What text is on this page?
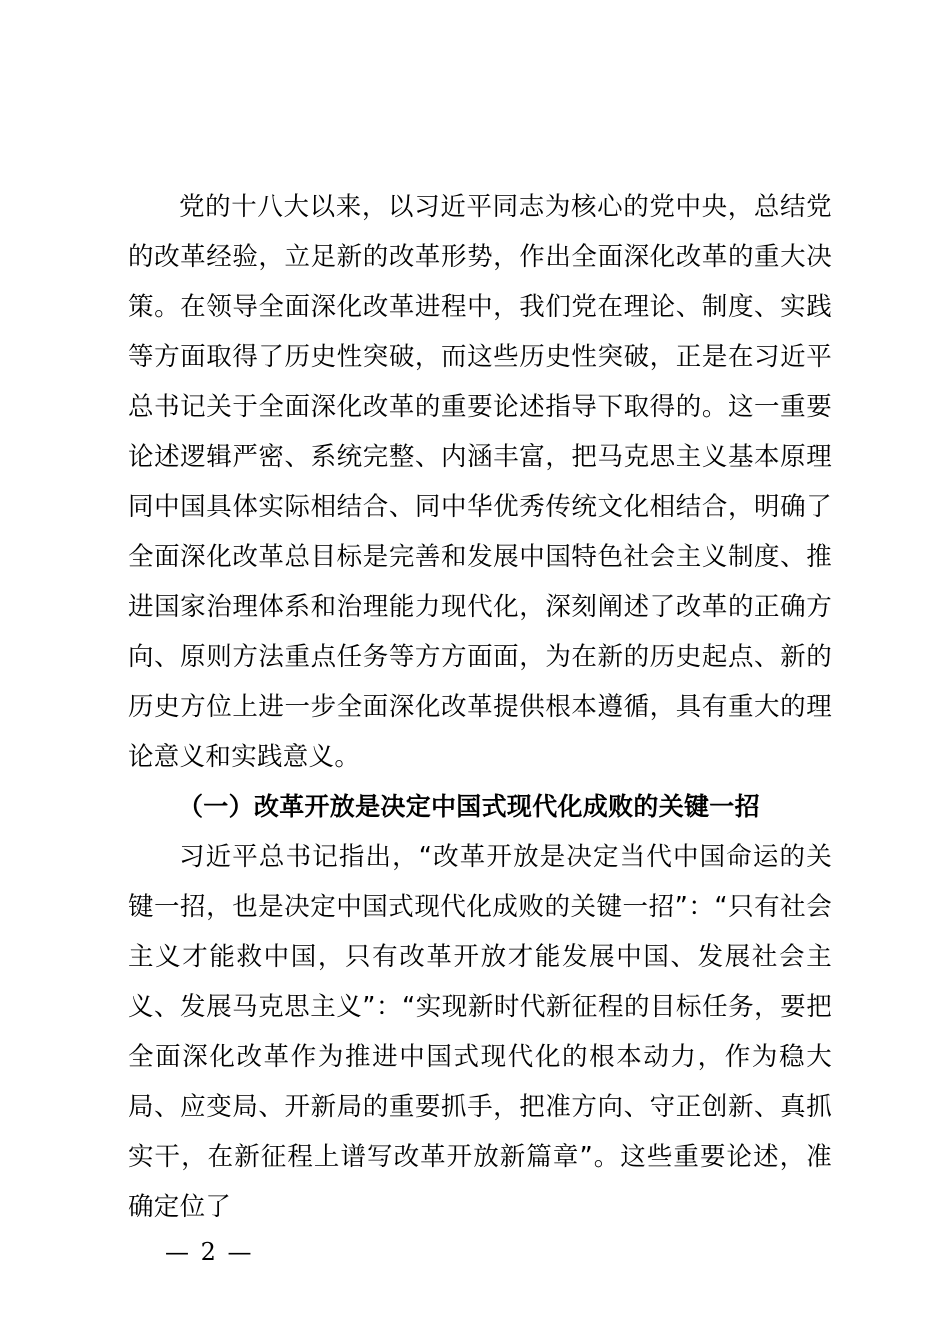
党的十八大以来，以习近平同志为核心的党中央，总结党的改革经验，立足新的改革形势，作出全面深化改革的重大决策。在领导全面深化改革进程中，我们党在理论、制度、实践等方面取得了历史性突破，而这些历史性突破，正是在习近平总书记关于全面深化改革的重要论述指导下取得的。这一重要论述逻辑严密、系统完整、内涵丰富，把马克思主义基本原理同中国具体实际相结合、同中华优秀传统文化相结合，明确了全面深化改革总目标是完善和发展中国特色社会主义制度、推进国家治理体系和治理能力现代化，深刻阐述了改革的正确方向、原则方法重点任务等方方面面，为在新的历史起点、新的历史方位上进一步全面深化改革提供根本遵循，具有重大的理论意义和实践意义。

（一）改革开放是决定中国式现代化成败的关键一招

习近平总书记指出，“改革开放是决定当代中国命运的关键一招，也是决定中国式现代化成败的关键一招”：“只有社会主义才能救中国，只有改革开放才能发展中国、发展社会主义、发展马克思主义”：“实现新时代新征程的目标任务，要把全面深化改革作为推进中国式现代化的根本动力，作为稳大局、应变局、开新局的重要抓手，把准方向、守正创新、真抓实干，在新征程上谱写改革开放新篇章”。这些重要论述，准确定位了

— 2 —
